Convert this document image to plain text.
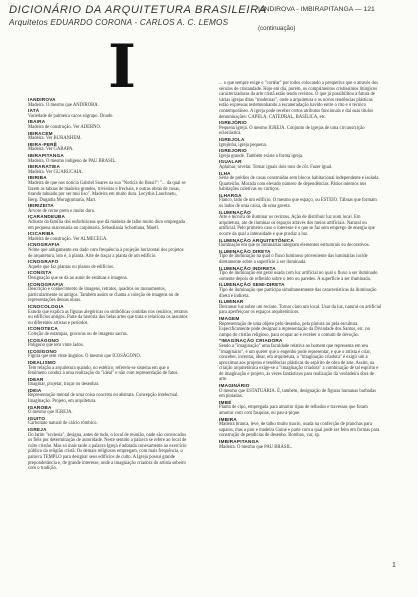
DICIONÁRIO DA ARQUITETURA BRASILEIRA
Arquitetos EDUARDO CORONA - CARLOS A. C. LEMOS
IANDIROVA - IMBIRAPITANGA — 121
(continuação)
I
IANDIROVA
Madeira. O mesmo que ANDIROBA.
IATÁ
Variedade de palmeira cacos sógrapo. Dnude.
IBAIRA
Madeira de construção. Ver ADERNO.
IBIRACEM
Madeira. Ver BURANHEM.
IBIRA-PERÊ
Madeira. Ver GARAPA.
IBIRAPITANGA
Madeira. O mesmo indígeno de PAU BRASIL.
IBIRARATIEA
Madeira. Ver GUARUCAIA.
IBIRIBA
Madeira de que nos noticia Gabriel Soares na sua "Notícia do Brasil": "... da qual se fazem as tabuas de madeira grandes, trivieiras e frechais, e outras obras de cosas, tirando tabuado por ser mui liso". Madeira em muito dura. Lecythis Lauchnetu, Berg. Dugattia Moragrumaria, Mart.
IBIRIZEITA
Árvore de cerne preto e muito duro.
IÇARANDEUBA
Arbusto da família dos euforbiáceas que dá madeira de talhe muito duro empregada em pequena marcenaria ou carpintaria. Sebastiania Schottiana, Muell.
ICICARIBA
Madeira de construção. Ver ALMECEGA.
ICNOGRAFIA
Nome que antigamente era dado com frequência à projeção horizontal dos projetos de arquitetura, isto é, à planta. Arte de traçar a planta de um edifício.
ICNOGRAFO
Aquele que faz plantas ou planos de edifícios.
ICONISTA
Designação que se dá ao autor de estátuas e imagens.
ICONOGRAFIA
Descrição e conhecimento de imagens, retratos, quadros ou monumentos, particularmente os antigos. Também assim se chama a coleção de imagens ou de representações dessas obras.
ICNOCOLOGIA
Estudo que explica as figuras alegóricas ou simbólicas contidas nos cenários, retratos ou edifícios antigos. Parte da história dos belas artes que trata e relaciona os assuntos ou diferentes artistas e períodos.
ICONOTECA
Coleção de estampas, gravuras ou de imagens sacras.
ICOSÁGONO
Polígono que tem vinte lados.
ICOSÍGONO
Figura que tem vinte ângulos. O mesmo que ICOSÁGONO.
IDEALISMO
Tem relação a arquitetura quando, no estético, referem-se sistema em que o fenômeno conduz à uma realização do "ideal" e não com representação de fatos.
IDEAR
Imaginar, projetar, traçar ou desenhar.
IDEIA
Representação mental de uma coisa concreta ou abstrata. Concepção intelectual. Imaginação. Projeto, em arquitetura.
IGAROBA
O mesmo que IGREJA.
IGUITO
Carbonato natural de cálcio rômbico.
IGREJA
Do latim "ecclesia", designa, antes de tudo, o local de reunião, onde são convocados os fiéis por determinação de autoridade. Neste sentido a palavra se refere ao local de culto cristão. Mas só mais tarde a palavra Igreja é adotada conexamente ao exercício público da religião cristã. Os demais religiosos empregam, com mais frequência, o palavra TEMPLO para designar seus edifícios de culto. A Igreja possui grande preponderância e, de grande interesse, onde a imaginação criadora do artista sobeiro com o tradição.
... o que sempre exige o "cortêar" por todos colocando a perspetiva que o através dos séculos de cristandade. Hoje em dia, porém, os comprimentos cristíssimos litúrgicos caracterizadoras da arte cristã estão tendo revistos. O que já possibilitou à fatura de várias igrejas ditas "modernas", onde a arquitetura e os novos tendências plásticas estão expressas testemunhando a escaneradação havido entre o rito e o técnico contemporâneo. A igreja pode receber certos atributos funcionais e dai suas títulos denominações: CAPELA, CATEDRAL, BASÍLICA, etc.
IGREJÓRIO
Pequena igreja. O mesmo IGREJA. Conjunto de igrejas de uma circunscrição eclesiástica.
IGREJOLA
Igrejinha, igreja pequena.
IGREJORIO
Igreja grande. Também existe a forma igreja.
IGUALAR
Aplainar, nivelar. Tornar iguais dois tons de côr. Fazer igual.
ILHA
Série de prédios de casas construídas sem blocos habitacional independente e isolada. Quarteirão. Morada com elevado número de dependências. Pátios internos nos habitações coletivas ou cortiços.
ILHARGA
Flanco, lado de um edifício. O mesmo que espaço, ou ESTEIO. Tábuas que formam os lados de uma caixa, de uma gaveta.
ILUMINAÇÃO
Arte e técnica de iluminar os recintos. Ação de distribuir luz num local. Em arquitetura, ato de iluminar os espaços através dos meios artificiais. Natural ou artificial. Pelo primeiro caso o interesse é o que se faz sem emprego de energia que ocorre da qual a intensidade e que produz a luz.
ILUMINAÇÃO ARQUITETÔNICA
Iluminação em que os luminárias integram elementos estruturais ou decorativos.
ILUMINAÇÃO DIRETA
Tipo de iluminação na qual o fluxo luminoso proveniente das luminárias incide diretamente sobre a superfície a ser iluminada.
ILUMINAÇÃO INDIRETA
Tipo de iluminação em geral usada com luz artificial no qual o fluxo a ser iluminado somente depois de refletido sobre o teto ou paredes. A superfície a ser iluminada.
ILUMINAÇÃO SEMI-DIRETA
Tipo de iluminação que participa simultaneamente das características da iluminação direta e indireta.
ILUMINAR
Derramar luz sobre um recinto. Tornar claro um local. Usar da luz, natural ou artificial para aperfeiçoar os espaços arquitetônicos.
IMAGEM
Representação de uma objeto pelo desenho, pela pintura ou pela escultura. Especificamente pode designar a representação da Divindade dos Santos, etc. no campo do cristão religioso, para ocupar ao e receber o comum de devoção.
"IMAGINAÇÃO CRIADORA
Sendo a "imaginação" uma faculdade relativa ao homem que representa em seu "imaginário", é um querer que o engenho pode representar, e que o artista é criar, conceber, inventar, idear, em arquitetura, a "imaginação criadora" é exigir um a aproximar aos projetos e tendências plásticas do espírito de obra de arte. Assim, na criação arquitetônica exige-se a "imaginação criadora" a combinação de tal espírito e de imaginação e projeto, às vezes fantásticos para realização da verdadeira obra de arte.
IMAGINÁRIO
O mesmo que ESTATUÁRIA. É, também, designação de figuras humanas barbadas em pintadas.
IMBÉ
Planta de cipó, empregada para amarrar ripas de telhados e travessas que foram amarrar com com fasquias, ou pau-a-pique.
IMBIRA
Madeira branca, leve, de talho muito macio, usada na confecção de pranchas para sapatos, mas a pior e madeira Guiné e parte com a qual pode ser feito em formas para construção de pendicias de desenho. Bombax, var, sp.
IMBIRAPITANGA
Madeira. O mesmo que PAU BRASIL.
1
